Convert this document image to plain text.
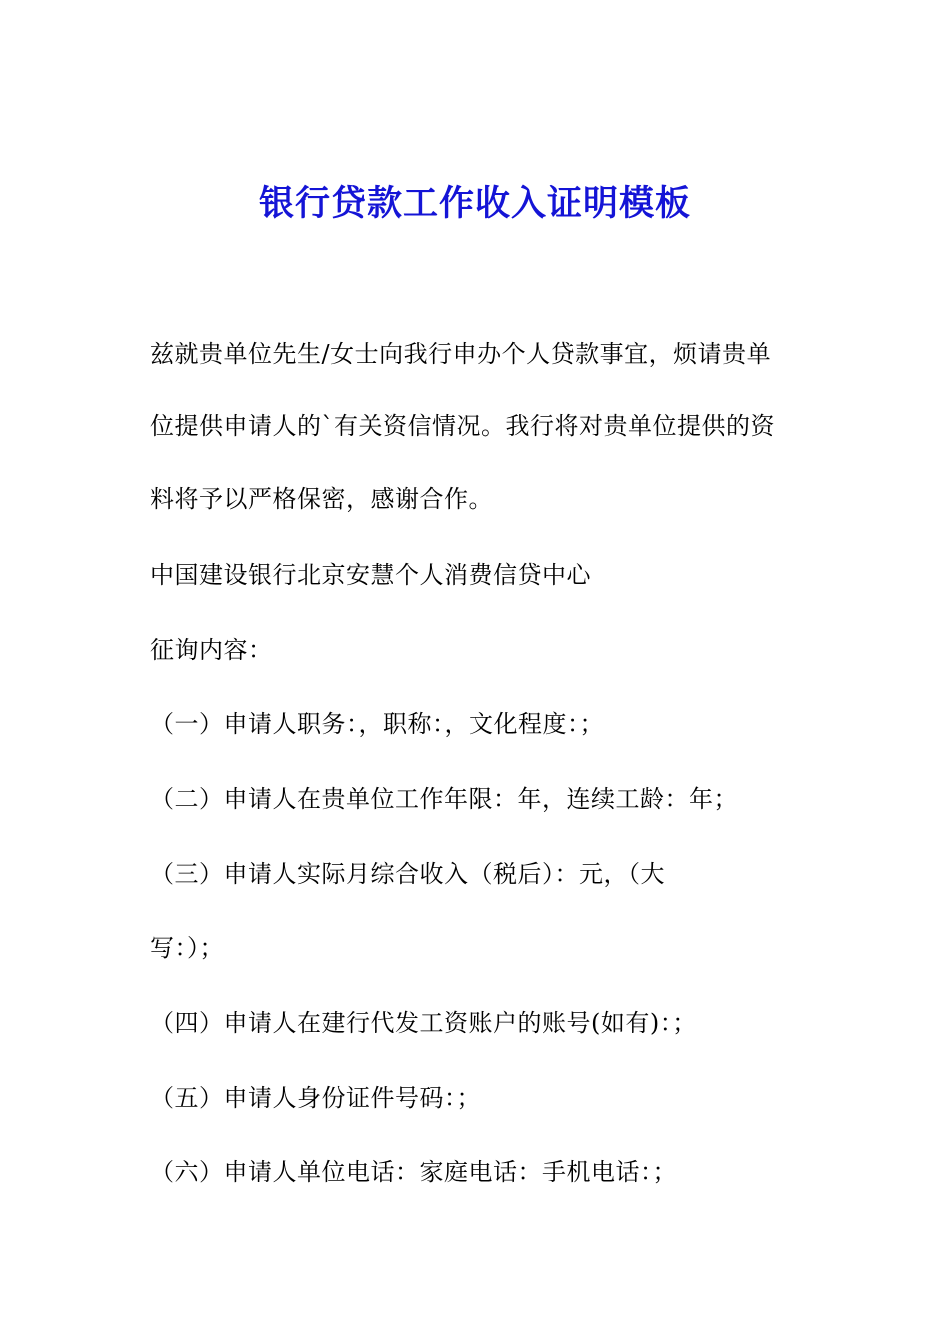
银行贷款工作收入证明模板
兹就贵单位先生/女士向我行申办个人贷款事宜，烦请贵单
位提供申请人的`有关资信情况。我行将对贵单位提供的资
料将予以严格保密，感谢合作。
中国建设银行北京安慧个人消费信贷中心
征询内容：
（一）申请人职务：，职称：，文化程度：；
（二）申请人在贵单位工作年限：年，连续工龄：年；
（三）申请人实际月综合收入（税后）：元，（大
写：）；
（四）申请人在建行代发工资账户的账号(如有)：；
（五）申请人身份证件号码：；
（六）申请人单位电话：家庭电话：手机电话：；
